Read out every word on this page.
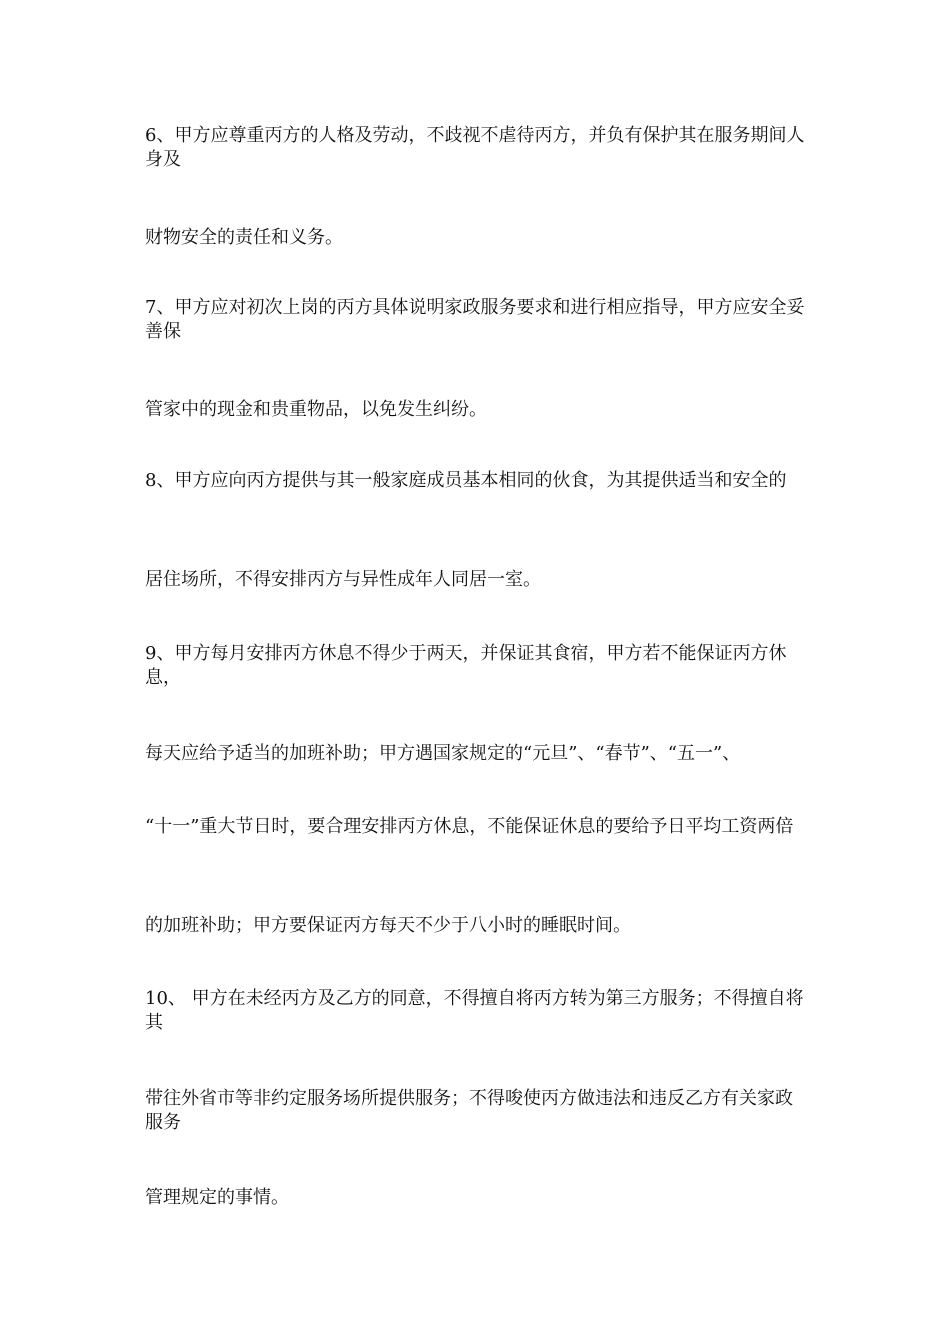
6、甲方应尊重丙方的人格及劳动，不歧视不虐待丙方，并负有保护其在服务期间人身及
财物安全的责任和义务。
7、甲方应对初次上岗的丙方具体说明家政服务要求和进行相应指导，甲方应安全妥善保
管家中的现金和贵重物品，以免发生纠纷。
8、甲方应向丙方提供与其一般家庭成员基本相同的伙食，为其提供适当和安全的
居住场所，不得安排丙方与异性成年人同居一室。
9、甲方每月安排丙方休息不得少于两天，并保证其食宿，甲方若不能保证丙方休息，
每天应给予适当的加班补助；甲方遇国家规定的“元旦”、“春节”、“五一”、
“十一”重大节日时，要合理安排丙方休息，不能保证休息的要给予日平均工资两倍
的加班补助；甲方要保证丙方每天不少于八小时的睡眠时间。
10、 甲方在未经丙方及乙方的同意，不得擅自将丙方转为第三方服务；不得擅自将其
带往外省市等非约定服务场所提供服务；不得唆使丙方做违法和违反乙方有关家政服务
管理规定的事情。
